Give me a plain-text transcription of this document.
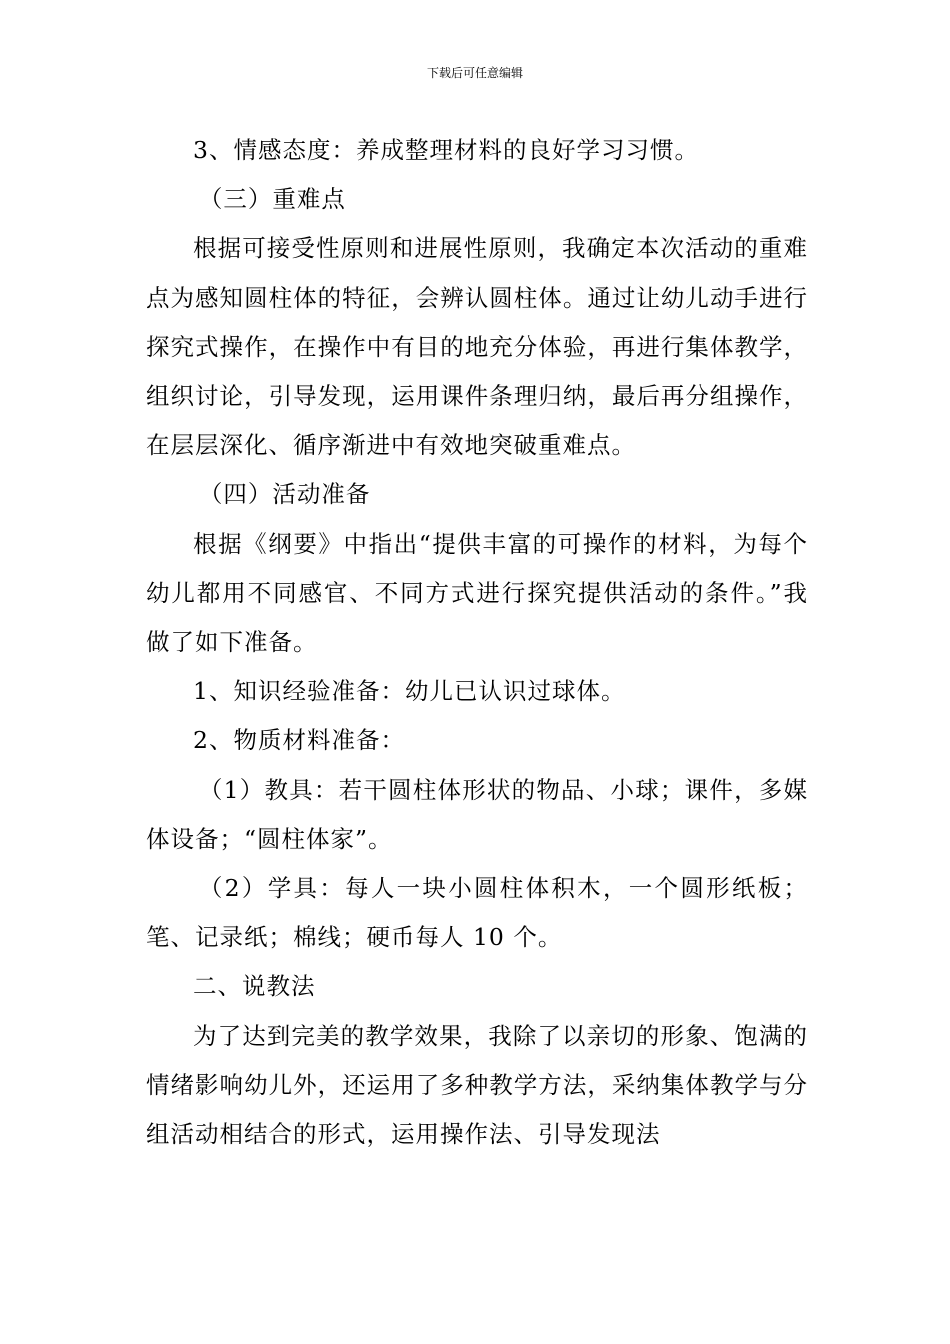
下载后可任意编辑

3、情感态度：养成整理材料的良好学习习惯。

（三）重难点

根据可接受性原则和进展性原则，我确定本次活动的重难点为感知圆柱体的特征，会辨认圆柱体。通过让幼儿动手进行探究式操作，在操作中有目的地充分体验，再进行集体教学，组织讨论，引导发现，运用课件条理归纳，最后再分组操作，在层层深化、循序渐进中有效地突破重难点。

（四）活动准备

根据《纲要》中指出“提供丰富的可操作的材料，为每个幼儿都用不同感官、不同方式进行探究提供活动的条件。”我做了如下准备。

1、知识经验准备：幼儿已认识过球体。

2、物质材料准备：

（1）教具：若干圆柱体形状的物品、小球；课件，多媒体设备；“圆柱体家”。

（2）学具：每人一块小圆柱体积木，一个圆形纸板；笔、记录纸；棉线；硬币每人 10 个。

二、说教法

为了达到完美的教学效果，我除了以亲切的形象、饱满的情绪影响幼儿外，还运用了多种教学方法，采纳集体教学与分组活动相结合的形式，运用操作法、引导发现法
